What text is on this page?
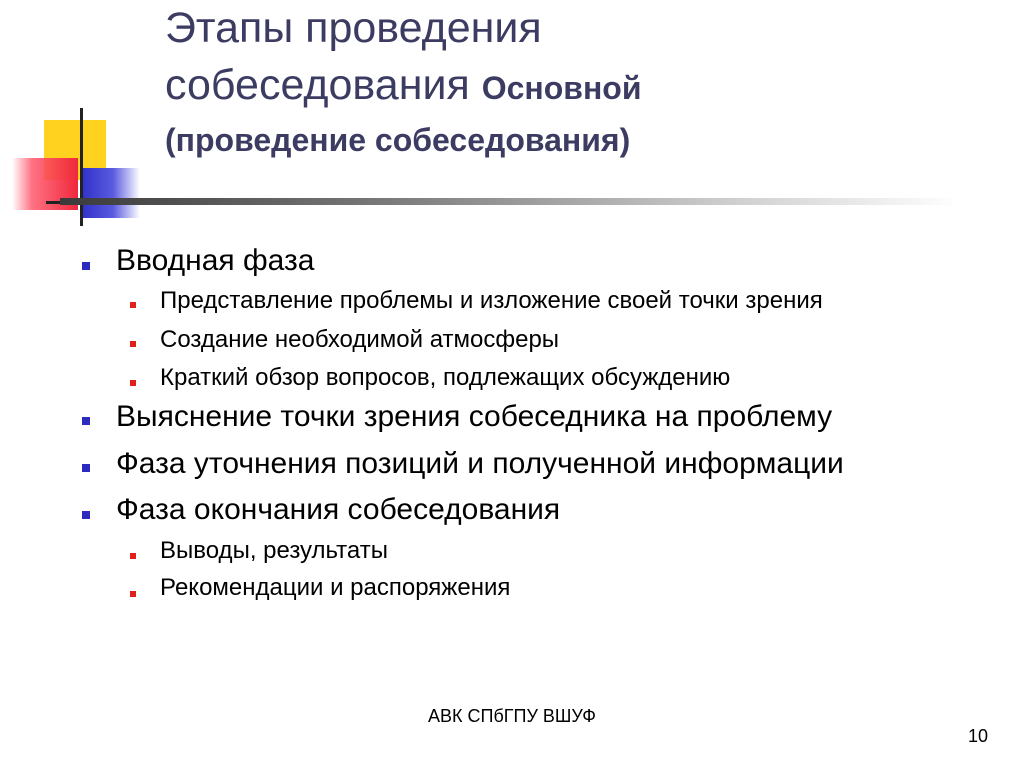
Этапы проведения
собеседования Основной
(проведение собеседования)
Вводная фаза
Представление проблемы и изложение своей точки зрения
Создание необходимой атмосферы
Краткий обзор вопросов, подлежащих обсуждению
Выяснение точки зрения собеседника на проблему
Фаза уточнения позиций и полученной информации
Фаза окончания собеседования
Выводы, результаты
Рекомендации и распоряжения
АВК СПбГПУ ВШУФ
10
